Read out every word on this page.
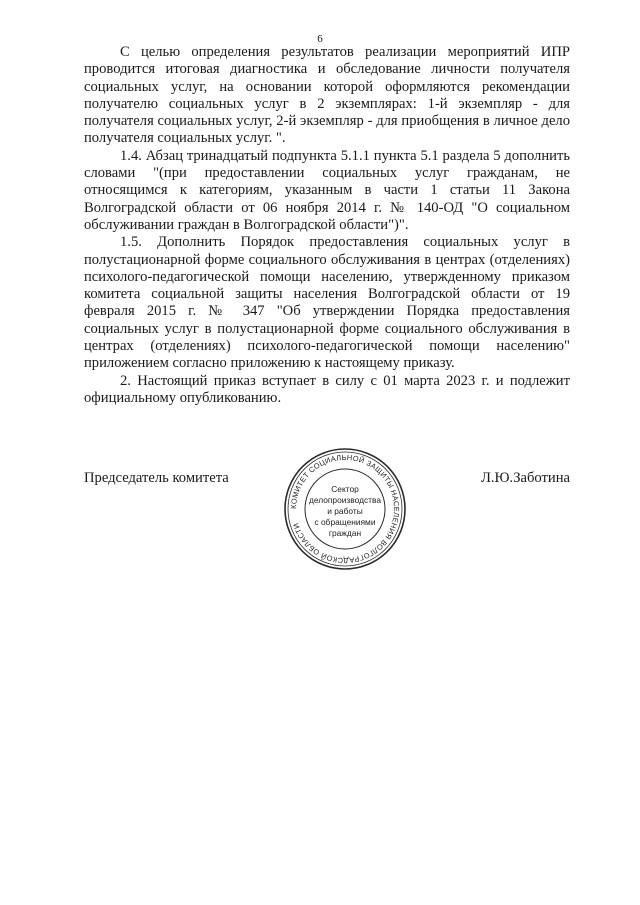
6

С целью определения результатов реализации мероприятий ИПР проводится итоговая диагностика и обследование личности получателя социальных услуг, на основании которой оформляются рекомендации получателю социальных услуг в 2 экземплярах: 1-й экземпляр - для получателя социальных услуг, 2-й экземпляр - для приобщения в личное дело получателя социальных услуг. ".

1.4. Абзац тринадцатый подпункта 5.1.1 пункта 5.1 раздела 5 дополнить словами "(при предоставлении социальных услуг гражданам, не относящимся к категориям, указанным в части 1 статьи 11 Закона Волгоградской области от 06 ноября 2014 г. № 140-ОД "О социальном обслуживании граждан в Волгоградской области")".

1.5. Дополнить Порядок предоставления социальных услуг в полустационарной форме социального обслуживания в центрах (отделениях) психолого-педагогической помощи населению, утвержденному приказом комитета социальной защиты населения Волгоградской области от 19 февраля 2015 г. № 347 "Об утверждении Порядка предоставления социальных услуг в полустационарной форме социального обслуживания в центрах (отделениях) психолого-педагогической помощи населению" приложением согласно приложению к настоящему приказу.

2. Настоящий приказ вступает в силу с 01 марта 2023 г. и подлежит официальному опубликованию.

Председатель комитета	Л.Ю.Заботина
КОМИТЕТ СОЦИАЛЬНОЙ ЗАЩИТЫ НАСЕЛЕНИЯ ВОЛГОГРАДСКОЙ ОБЛАСТИ
Сектор
делопроизводства
и работы
с обращениями
граждан
